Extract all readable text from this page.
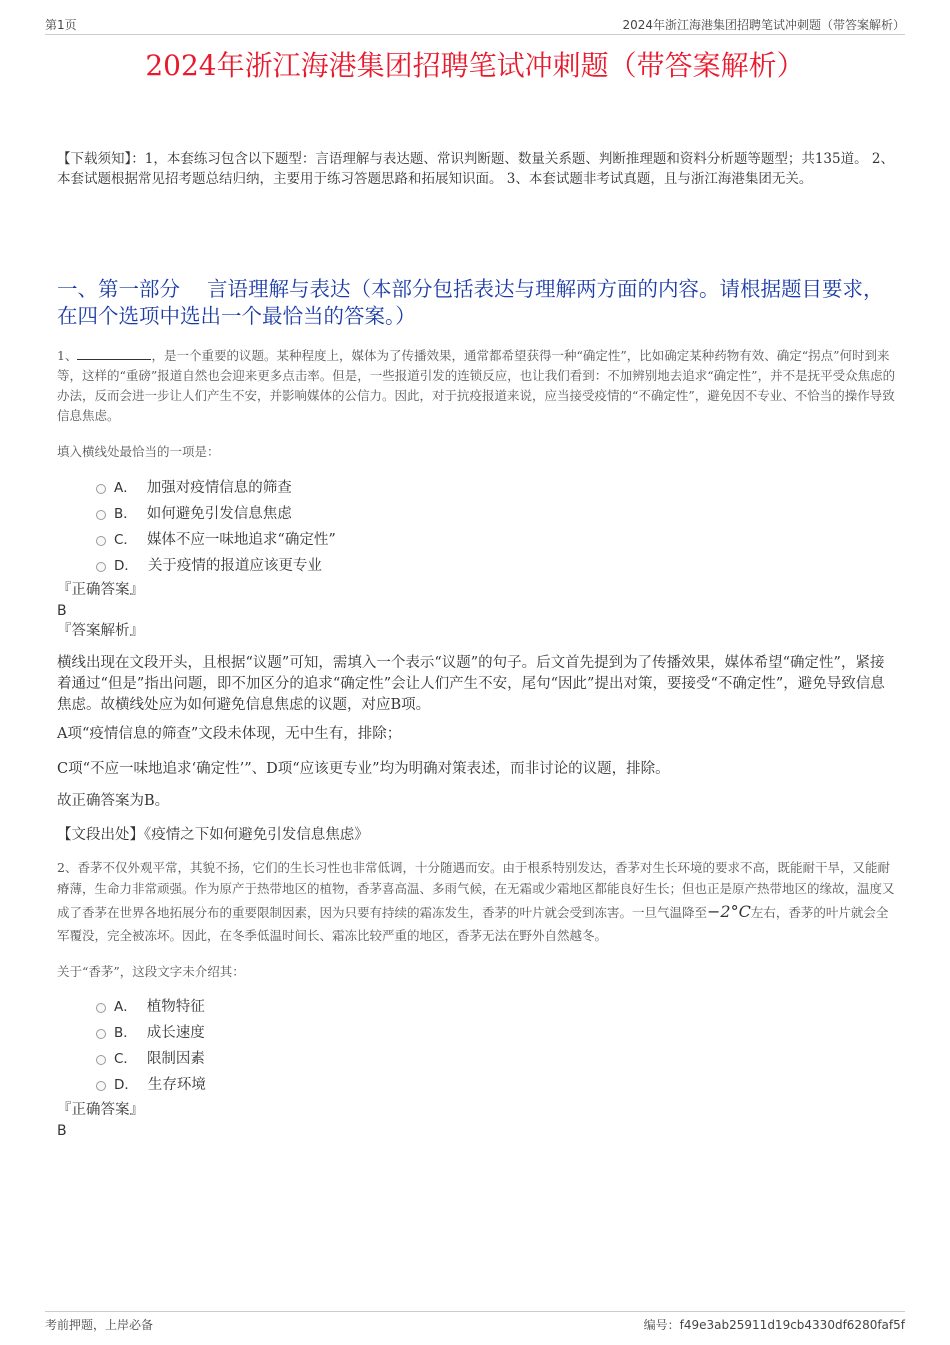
第1页	2024年浙江海港集团招聘笔试冲刺题（带答案解析）
2024年浙江海港集团招聘笔试冲刺题（带答案解析）
【下载须知】：1，本套练习包含以下题型：言语理解与表达题、常识判断题、数量关系题、判断推理题和资料分析题等题型；共135道。 2、本套试题根据常见招考题总结归纳，主要用于练习答题思路和拓展知识面。 3、本套试题非考试真题，且与浙江海港集团无关。
一、第一部分　 言语理解与表达（本部分包括表达与理解两方面的内容。请根据题目要求，在四个选项中选出一个最恰当的答案。）
1、	，是一个重要的议题。某种程度上，媒体为了传播效果，通常都希望获得一种“确定性”，比如确定某种药物有效、确定“拐点”何时到来等，这样的“重磅”报道自然也会迎来更多点击率。但是，一些报道引发的连锁反应，也让我们看到：不加辨别地去追求“确定性”，并不是抚平受众焦虑的办法，反而会进一步让人们产生不安，并影响媒体的公信力。因此，对于抗疫报道来说，应当接受疫情的“不确定性”，避免因不专业、不恰当的操作导致信息焦虑。
填入横线处最恰当的一项是：
A． 加强对疫情信息的筛查
B． 如何避免引发信息焦虑
C． 媒体不应一味地追求“确定性”
D． 关于疫情的报道应该更专业
『正确答案』
B
『答案解析』
横线出现在文段开头，且根据“议题”可知，需填入一个表示“议题”的句子。后文首先提到为了传播效果，媒体希望“确定性”，紧接着通过“但是”指出问题，即不加区分的追求“确定性”会让人们产生不安，尾句“因此”提出对策，要接受“不确定性”，避免导致信息焦虑。故横线处应为如何避免信息焦虑的议题，对应B项。
A项“疫情信息的筛查”文段未体现，无中生有，排除；
C项“不应一味地追求‘确定性’”、D项“应该更专业”均为明确对策表述，而非讨论的议题，排除。
故正确答案为B。
【文段出处】《疫情之下如何避免引发信息焦虑》
2、香茅不仅外观平常，其貌不扬，它们的生长习性也非常低调，十分随遇而安。由于根系特别发达，香茅对生长环境的要求不高，既能耐干旱，又能耐瘠薄，生命力非常顽强。作为原产于热带地区的植物，香茅喜高温、多雨气候，在无霜或少霜地区都能良好生长；但也正是原产热带地区的缘故，温度又成了香茅在世界各地拓展分布的重要限制因素，因为只要有持续的霜冻发生，香茅的叶片就会受到冻害。一旦气温降至−2°C左右，香茅的叶片就会全军覆没，完全被冻坏。因此，在冬季低温时间长、霜冻比较严重的地区，香茅无法在野外自然越冬。
关于“香茅”，这段文字未介绍其：
A． 植物特征
B． 成长速度
C． 限制因素
D． 生存环境
『正确答案』
B
考前押题，上岸必备	编号：f49e3ab25911d19cb4330df6280faf5f
